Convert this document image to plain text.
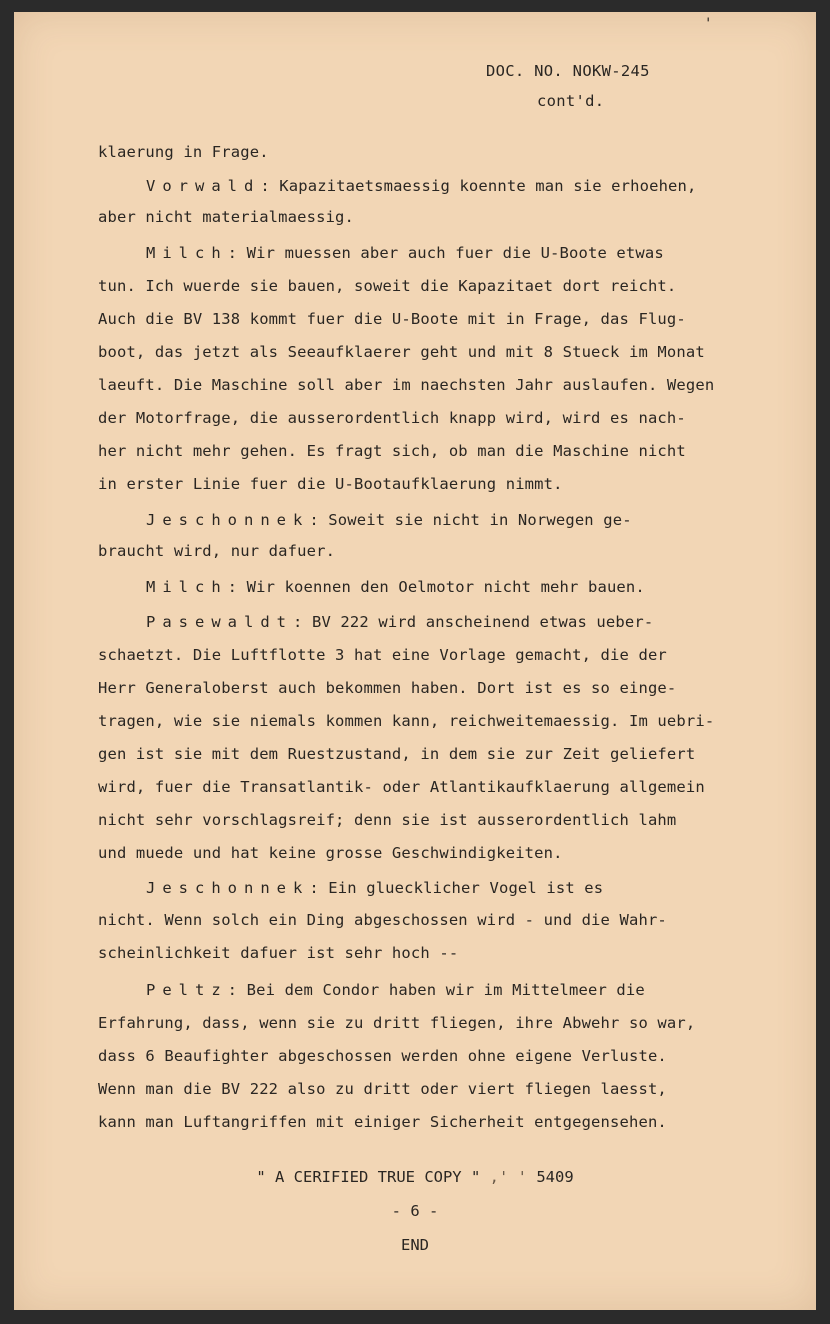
'
DOC. NO. NOKW-245
cont'd.
klaerung in Frage.
Vorwald: Kapazitaetsmaessig koennte man sie erhoehen,
aber nicht materialmaessig.
Milch: Wir muessen aber auch fuer die U-Boote etwas
tun. Ich wuerde sie bauen, soweit die Kapazitaet dort reicht.
Auch die BV 138 kommt fuer die U-Boote mit in Frage, das Flug-
boot, das jetzt als Seeaufklaerer geht und mit 8 Stueck im Monat
laeuft. Die Maschine soll aber im naechsten Jahr auslaufen. Wegen
der Motorfrage, die ausserordentlich knapp wird, wird es nach-
her nicht mehr gehen. Es fragt sich, ob man die Maschine nicht
in erster Linie fuer die U-Bootaufklaerung nimmt.
Jeschonnek: Soweit sie nicht in Norwegen ge-
braucht wird, nur dafuer.
Milch: Wir koennen den Oelmotor nicht mehr bauen.
Pasewaldt: BV 222 wird anscheinend etwas ueber-
schaetzt. Die Luftflotte 3 hat eine Vorlage gemacht, die der
Herr Generaloberst auch bekommen haben. Dort ist es so einge-
tragen, wie sie niemals kommen kann, reichweitemaessig. Im uebri-
gen ist sie mit dem Ruestzustand, in dem sie zur Zeit geliefert
wird, fuer die Transatlantik- oder Atlantikaufklaerung allgemein
nicht sehr vorschlagsreif; denn sie ist ausserordentlich lahm
und muede und hat keine grosse Geschwindigkeiten.
Jeschonnek: Ein gluecklicher Vogel ist es
nicht. Wenn solch ein Ding abgeschossen wird - und die Wahr-
scheinlichkeit dafuer ist sehr hoch --
Peltz: Bei dem Condor haben wir im Mittelmeer die
Erfahrung, dass, wenn sie zu dritt fliegen, ihre Abwehr so war,
dass 6 Beaufighter abgeschossen werden ohne eigene Verluste.
Wenn man die BV 222 also zu dritt oder viert fliegen laesst,
kann man Luftangriffen mit einiger Sicherheit entgegensehen.
" A CERIFIED TRUE COPY " ,' ' 5409
- 6 -
END
